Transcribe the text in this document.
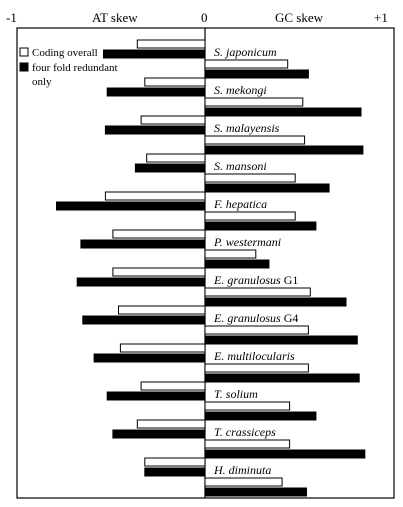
-1	0	+1
AT skew	GC skew
S. japonicum
S. mekongi
S. malayensis
S. mansoni
F. hepatica
P. westermani
E. granulosus G1
E. granulosus G4
E. multilocularis
T. solium
T. crassiceps
H. diminuta
Coding overall
four fold redundant
only
